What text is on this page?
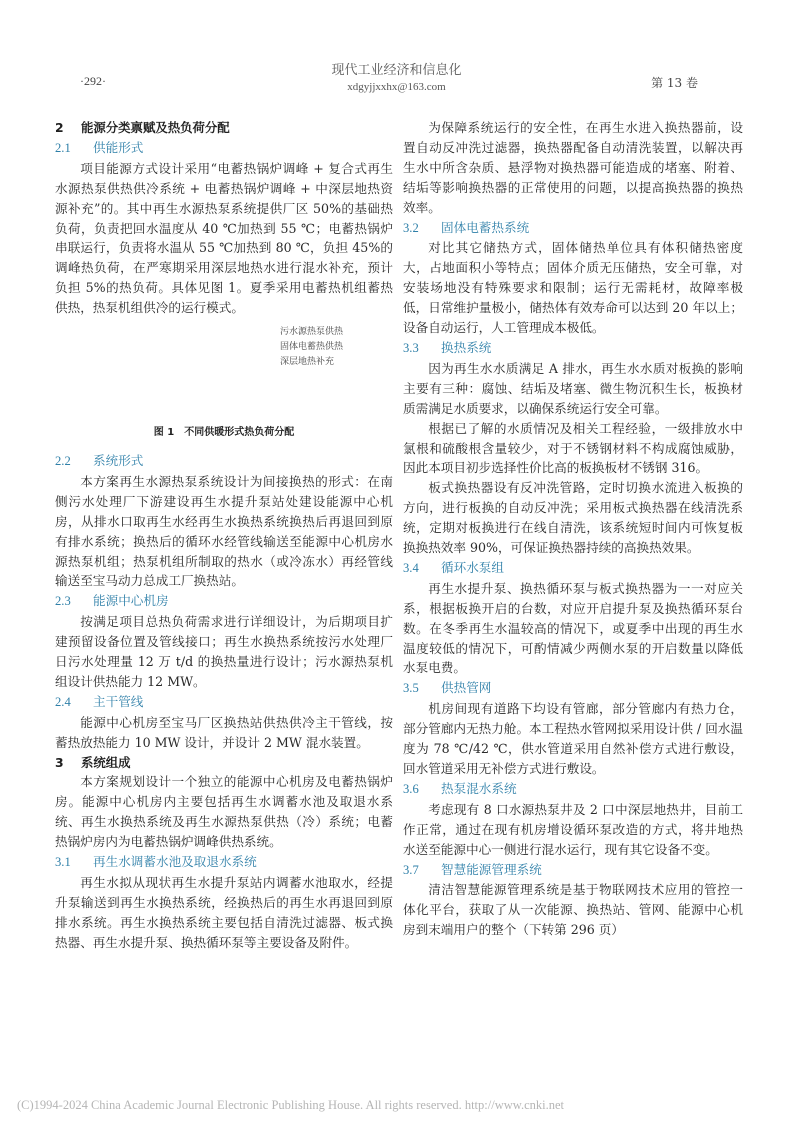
·292·
现代工业经济和信息化
xdgyjjxxhx@163.com	第 13 卷
2 能源分类禀赋及热负荷分配
2.1 供能形式

项目能源方式设计采用“电蓄热锅炉调峰 + 复合式再生水源热泵供热供冷系统 + 电蓄热锅炉调峰 + 中深层地热资源补充”的。其中再生水源热泵系统提供厂区 50%的基础热负荷，负责把回水温度从 40 ℃加热到 55 ℃；电蓄热锅炉串联运行，负责将水温从 55 ℃加热到 80 ℃，负担 45%的调峰热负荷，在严寒期采用深层地热水进行混水补充，预计负担 5%的热负荷。具体见图 1。夏季采用电蓄热机组蓄热供热，热泵机组供冷的运行模式。

污水源热泵供热
固体电蓄热供热
深层地热补充
图 1 不同供暖形式热负荷分配
2.2 系统形式

本方案再生水源热泵系统设计为间接换热的形式：在南侧污水处理厂下游建设再生水提升泵站处建设能源中心机房，从排水口取再生水经再生水换热系统换热后再退回到原有排水系统；换热后的循环水经管线输送至能源中心机房水源热泵机组；热泵机组所制取的热水（或冷冻水）再经管线输送至宝马动力总成工厂换热站。

2.3 能源中心机房

按满足项目总热负荷需求进行详细设计，为后期项目扩建预留设备位置及管线接口；再生水换热系统按污水处理厂日污水处理量 12 万 t/d 的换热量进行设计；污水源热泵机组设计供热能力 12 MW。

2.4 主干管线

能源中心机房至宝马厂区换热站供热供冷主干管线，按蓄热放热能力 10 MW 设计，并设计 2 MW 混水装置。

3 系统组成

本方案规划设计一个独立的能源中心机房及电蓄热锅炉房。能源中心机房内主要包括再生水调蓄水池及取退水系统、再生水换热系统及再生水源热泵供热（冷）系统；电蓄热锅炉房内为电蓄热锅炉调峰供热系统。

3.1 再生水调蓄水池及取退水系统

再生水拟从现状再生水提升泵站内调蓄水池取水，经提升泵输送到再生水换热系统，经换热后的再生水再退回到原排水系统。再生水换热系统主要包括自清洗过滤器、板式换热器、再生水提升泵、换热循环泵等主要设备及附件。

为保障系统运行的安全性，在再生水进入换热器前，设置自动反冲洗过滤器，换热器配备自动清洗装置，以解决再生水中所含杂质、悬浮物对换热器可能造成的堵塞、附着、结垢等影响换热器的正常使用的问题，以提高换热器的换热效率。

3.2 固体电蓄热系统

对比其它储热方式，固体储热单位具有体积储热密度大，占地面积小等特点；固体介质无压储热，安全可靠，对安装场地没有特殊要求和限制；运行无需耗材，故障率极低，日常维护量极小，储热体有效寿命可以达到 20 年以上；设备自动运行，人工管理成本极低。

3.3 换热系统

因为再生水水质满足 A 排水，再生水水质对板换的影响主要有三种：腐蚀、结垢及堵塞、微生物沉积生长，板换材质需满足水质要求，以确保系统运行安全可靠。

根据已了解的水质情况及相关工程经验，一级排放水中氯根和硫酸根含量较少，对于不锈钢材料不构成腐蚀威胁，因此本项目初步选择性价比高的板换板材不锈钢 316。

板式换热器设有反冲洗管路，定时切换水流进入板换的方向，进行板换的自动反冲洗；采用板式换热器在线清洗系统，定期对板换进行在线自清洗，该系统短时间内可恢复板换换热效率 90%，可保证换热器持续的高换热效果。

3.4 循环水泵组

再生水提升泵、换热循环泵与板式换热器为一一对应关系，根据板换开启的台数，对应开启提升泵及换热循环泵台数。在冬季再生水温较高的情况下，或夏季中出现的再生水温度较低的情况下，可酌情减少两侧水泵的开启数量以降低水泵电费。

3.5 供热管网

机房间现有道路下均设有管廊，部分管廊内有热力仓，部分管廊内无热力舱。本工程热水管网拟采用设计供 / 回水温度为 78 ℃/42 ℃，供水管道采用自然补偿方式进行敷设，回水管道采用无补偿方式进行敷设。

3.6 热泵混水系统

考虑现有 8 口水源热泵井及 2 口中深层地热井，目前工作正常，通过在现有机房增设循环泵改造的方式，将井地热水送至能源中心一侧进行混水运行，现有其它设备不变。

3.7 智慧能源管理系统

清洁智慧能源管理系统是基于物联网技术应用的管控一体化平台，获取了从一次能源、换热站、管网、能源中心机房到末端用户的整个（下转第 296 页）

(C)1994-2024 China Academic Journal Electronic Publishing House. All rights reserved. http://www.cnki.net
